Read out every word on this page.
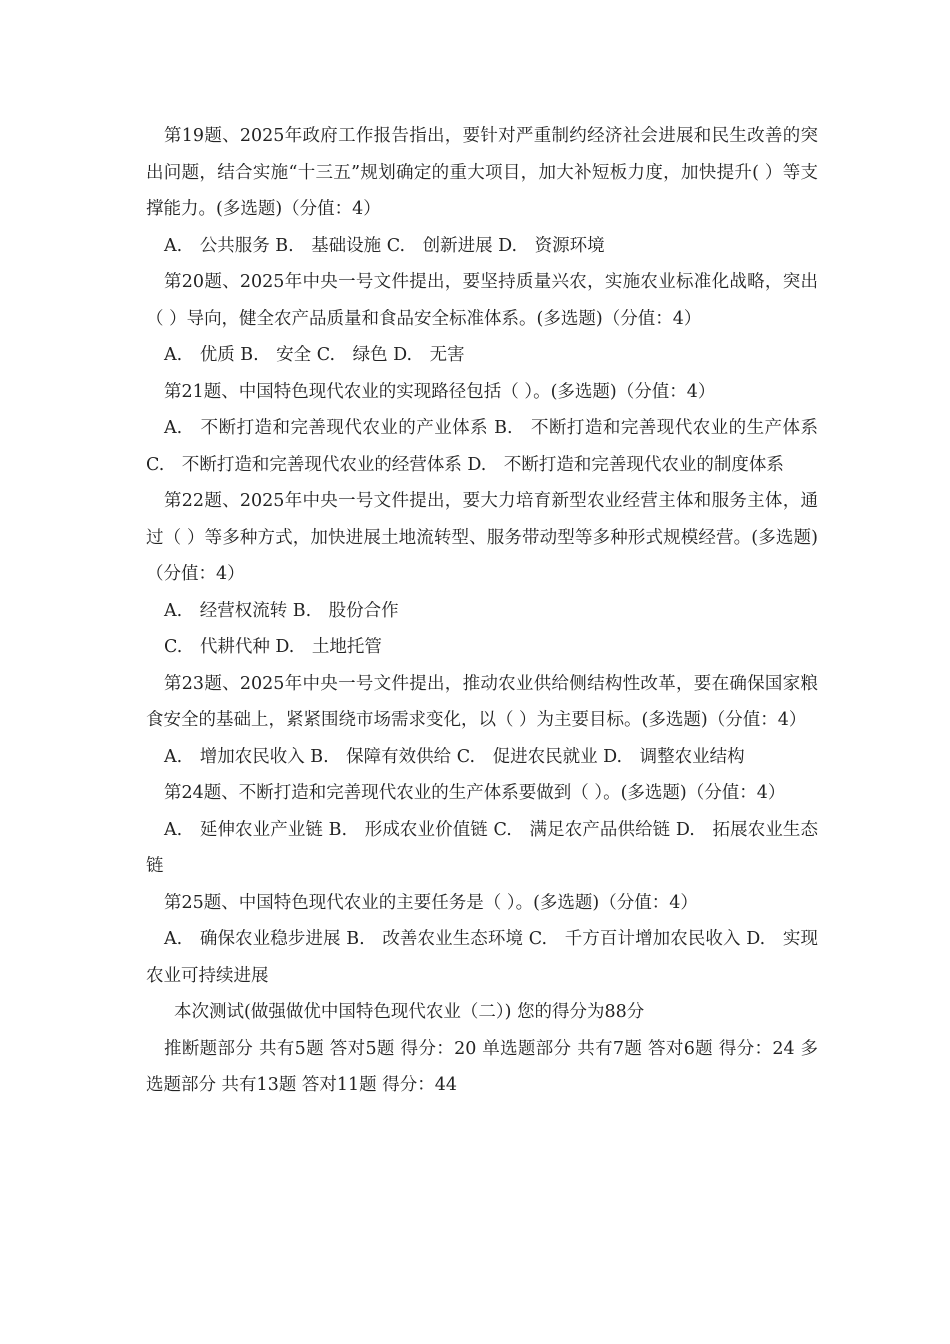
第19题、2025年政府工作报告指出，要针对严重制约经济社会进展和民生改善的突出问题，结合实施“十三五”规划确定的重大项目，加大补短板力度，加快提升( ）等支撑能力。(多选题)（分值：4）

A.　公共服务 B.　基础设施 C.　创新进展 D.　资源环境

第20题、2025年中央一号文件提出，要坚持质量兴农，实施农业标准化战略，突出（ ）导向，健全农产品质量和食品安全标准体系。(多选题)（分值：4）

A.　优质 B.　安全 C.　绿色 D.　无害

第21题、中国特色现代农业的实现路径包括（ ）。(多选题)（分值：4）

A.　不断打造和完善现代农业的产业体系 B.　不断打造和完善现代农业的生产体系 C.　不断打造和完善现代农业的经营体系 D.　不断打造和完善现代农业的制度体系

第22题、2025年中央一号文件提出，要大力培育新型农业经营主体和服务主体，通过（ ）等多种方式，加快进展土地流转型、服务带动型等多种形式规模经营。(多选题)（分值：4）

A.　经营权流转 B.　股份合作

C.　代耕代种 D.　土地托管

第23题、2025年中央一号文件提出，推动农业供给侧结构性改革，要在确保国家粮食安全的基础上，紧紧围绕市场需求变化，以（ ）为主要目标。(多选题)（分值：4）

A.　增加农民收入 B.　保障有效供给 C.　促进农民就业 D.　调整农业结构

第24题、不断打造和完善现代农业的生产体系要做到（ ）。(多选题)（分值：4）

A.　延伸农业产业链 B.　形成农业价值链 C.　满足农产品供给链 D.　拓展农业生态链

第25题、中国特色现代农业的主要任务是（ ）。(多选题)（分值：4）

A.　确保农业稳步进展 B.　改善农业生态环境 C.　千方百计增加农民收入 D.　实现农业可持续进展

本次测试(做强做优中国特色现代农业（二）) 您的得分为88分

推断题部分 共有5题 答对5题 得分：20 单选题部分 共有7题 答对6题 得分：24 多选题部分 共有13题 答对11题 得分：44
